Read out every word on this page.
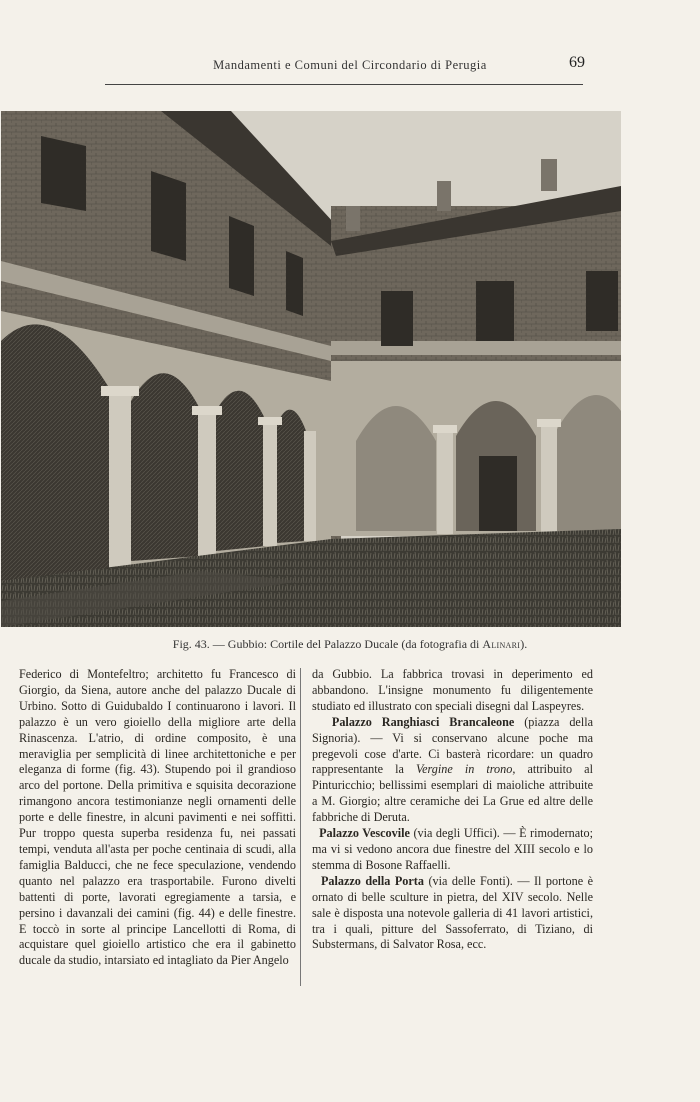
Mandamenti e Comuni del Circondario di Perugia	69
Fig. 43. — Gubbio: Cortile del Palazzo Ducale (da fotografia di Alinari).

Federico di Montefeltro; architetto fu Francesco di Giorgio, da Siena, autore anche del palazzo Ducale di Urbino. Sotto di Guidubaldo I continuarono i lavori. Il palazzo è un vero gioiello della migliore arte della Rinascenza. L'atrio, di ordine composito, è una meraviglia per semplicità di linee architettoniche e per eleganza di forme (fig. 43). Stupendo poi il grandioso arco del portone. Della primitiva e squisita decorazione rimangono ancora testimonianze negli ornamenti delle porte e delle finestre, in alcuni pavimenti e nei soffitti. Pur troppo questa superba residenza fu, nei passati tempi, venduta all'asta per poche centinaia di scudi, alla famiglia Balducci, che ne fece speculazione, vendendo quanto nel palazzo era trasportabile. Furono divelti battenti di porte, lavorati egregiamente a tarsia, e persino i davanzali dei camini (fig. 44) e delle finestre. E toccò in sorte al principe Lancellotti di Roma, di acquistare quel gioiello artistico che era il gabinetto ducale da studio, intarsiato ed intagliato da Pier Angelo

da Gubbio. La fabbrica trovasi in deperimento ed abbandono. L'insigne monumento fu diligentemente studiato ed illustrato con speciali disegni dal Laspeyres.

Palazzo Ranghiasci Brancaleone (piazza della Signoria). — Vi si conservano alcune poche ma pregevoli cose d'arte. Ci basterà ricordare: un quadro rappresentante la Vergine in trono, attribuito al Pinturicchio; bellissimi esemplari di maioliche attribuite a M. Giorgio; altre ceramiche dei La Grue ed altre delle fabbriche di Deruta.

Palazzo Vescovile (via degli Uffici). — È rimodernato; ma vi si vedono ancora due finestre del XIII secolo e lo stemma di Bosone Raffaelli.

Palazzo della Porta (via delle Fonti). — Il portone è ornato di belle sculture in pietra, del XIV secolo. Nelle sale è disposta una notevole galleria di 41 lavori artistici, tra i quali, pitture del Sassoferrato, di Tiziano, di Substermans, di Salvator Rosa, ecc.
